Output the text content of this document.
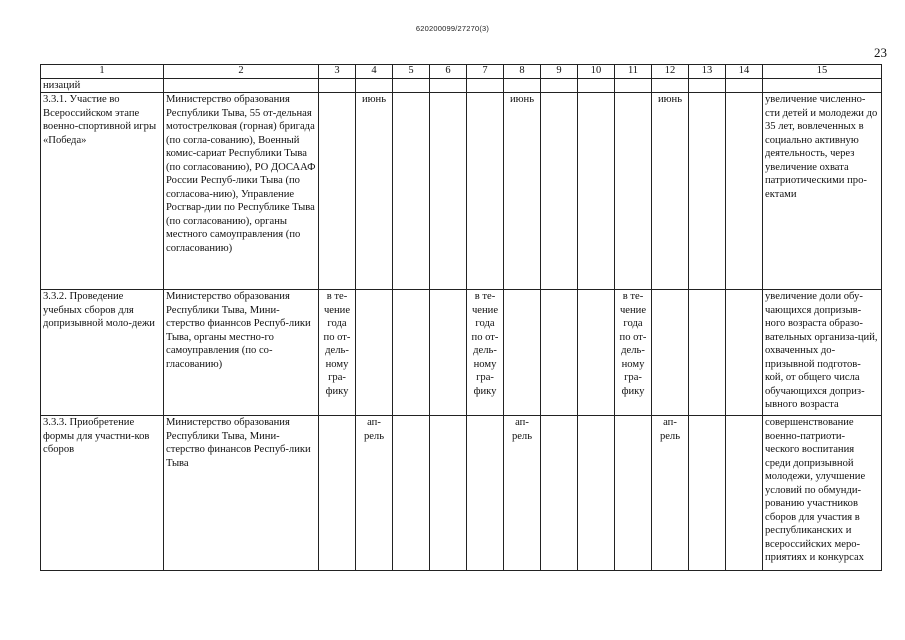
620200099/27270(3)
23
1	2	3	4	5	6	7	8	9	10	11	12	13	14	15
низаций														
3.3.1. Участие во Всероссийском этапе военно-спортивной игры «Победа»	Министерство образования Республики Тыва, 55 от-дельная мотострелковая (горная) бригада (по согла-сованию), Военный комис-сариат Республики Тыва (по согласованию), РО ДОСААФ России Респуб-лики Тыва (по согласова-нию), Управление Росгвар-дии по Республике Тыва (по согласованию), органы местного самоуправления (по согласованию)		июнь				июнь				июнь			увеличение численно-сти детей и молодежи до 35 лет, вовлеченных в социально активную деятельность, через увеличение охвата патриотическими про-ектами
3.3.2. Проведение учебных сборов для допризывной моло-дежи	Министерство образования Республики Тыва, Мини-стерство фианнсов Респуб-лики Тыва, органы местно-го самоуправления (по со-гласованию)	в те-чение года по от-дель-ному гра-фику				в те-чение года по от-дель-ному гра-фику				в те-чение года по от-дель-ному гра-фику				увеличение доли обу-чающихся допризыв-ного возраста образо-вательных организа-ций, охваченных до-призывной подготов-кой, от общего числа обучающихся доприз-ывного возраста
3.3.3. Приобретение формы для участни-ков сборов	Министерство образования Республики Тыва, Мини-стерство финансов Респуб-лики Тыва		ап-рель				ап-рель				ап-рель			совершенствование военно-патриоти-ческого воспитания среди допризывной молодежи, улучшение условий по обмунди-рованию участников сборов для участия в республиканских и всероссийских меро-приятиях и конкурсах
